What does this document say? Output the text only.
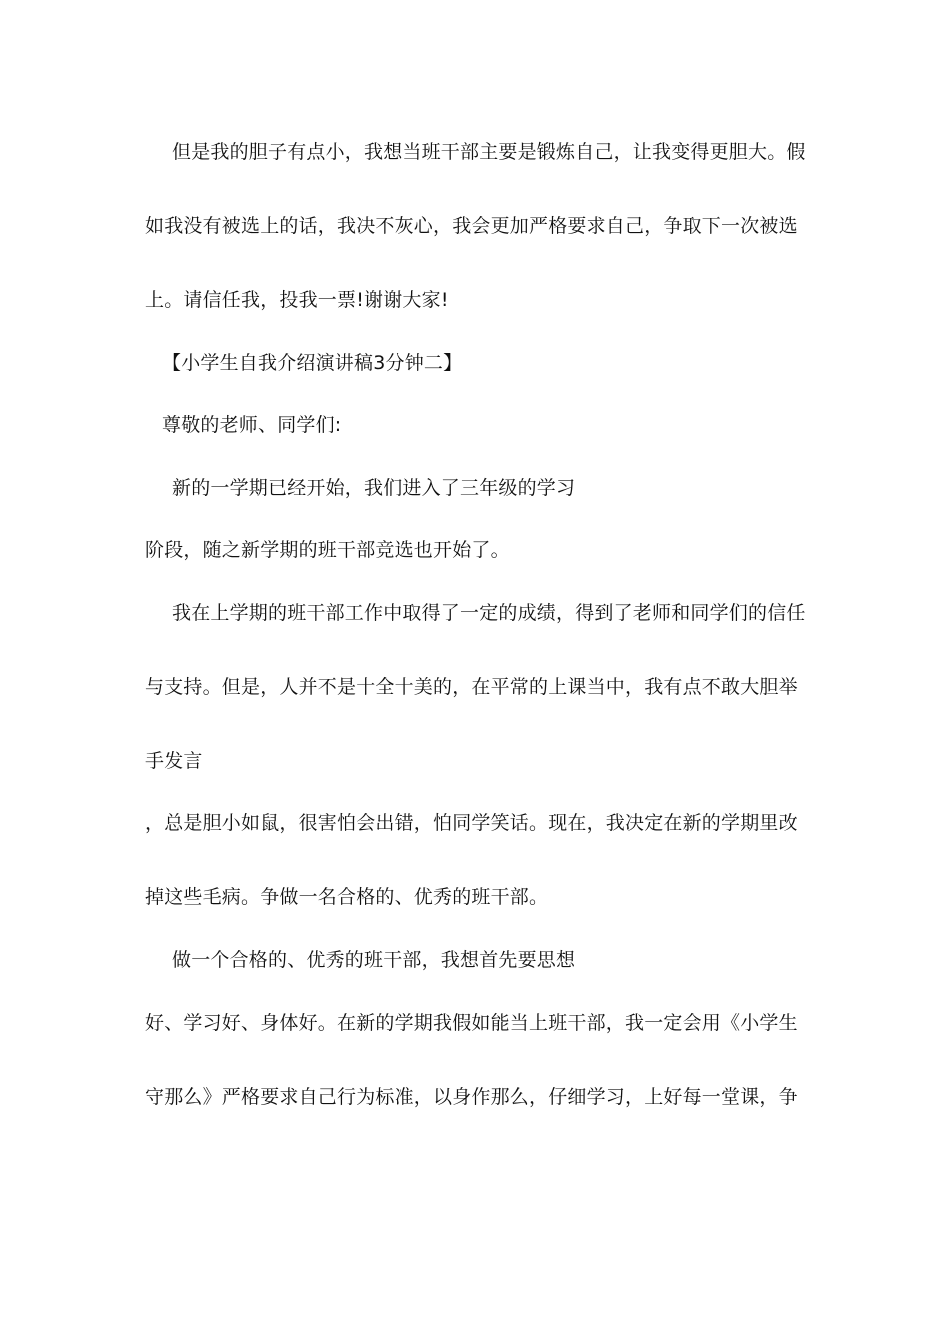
但是我的胆子有点小，我想当班干部主要是锻炼自己，让我变得更胆大。假
如我没有被选上的话，我决不灰心，我会更加严格要求自己，争取下一次被选
上。请信任我，投我一票!谢谢大家!
【小学生自我介绍演讲稿3分钟二】
尊敬的老师、同学们:
新的一学期已经开始，我们进入了三年级的学习
阶段，随之新学期的班干部竞选也开始了。
我在上学期的班干部工作中取得了一定的成绩，得到了老师和同学们的信任
与支持。但是，人并不是十全十美的，在平常的上课当中，我有点不敢大胆举
手发言
，总是胆小如鼠，很害怕会出错，怕同学笑话。现在，我决定在新的学期里改
掉这些毛病。争做一名合格的、优秀的班干部。
做一个合格的、优秀的班干部，我想首先要思想
好、学习好、身体好。在新的学期我假如能当上班干部，我一定会用《小学生
守那么》严格要求自己行为标准，以身作那么，仔细学习，上好每一堂课，争
